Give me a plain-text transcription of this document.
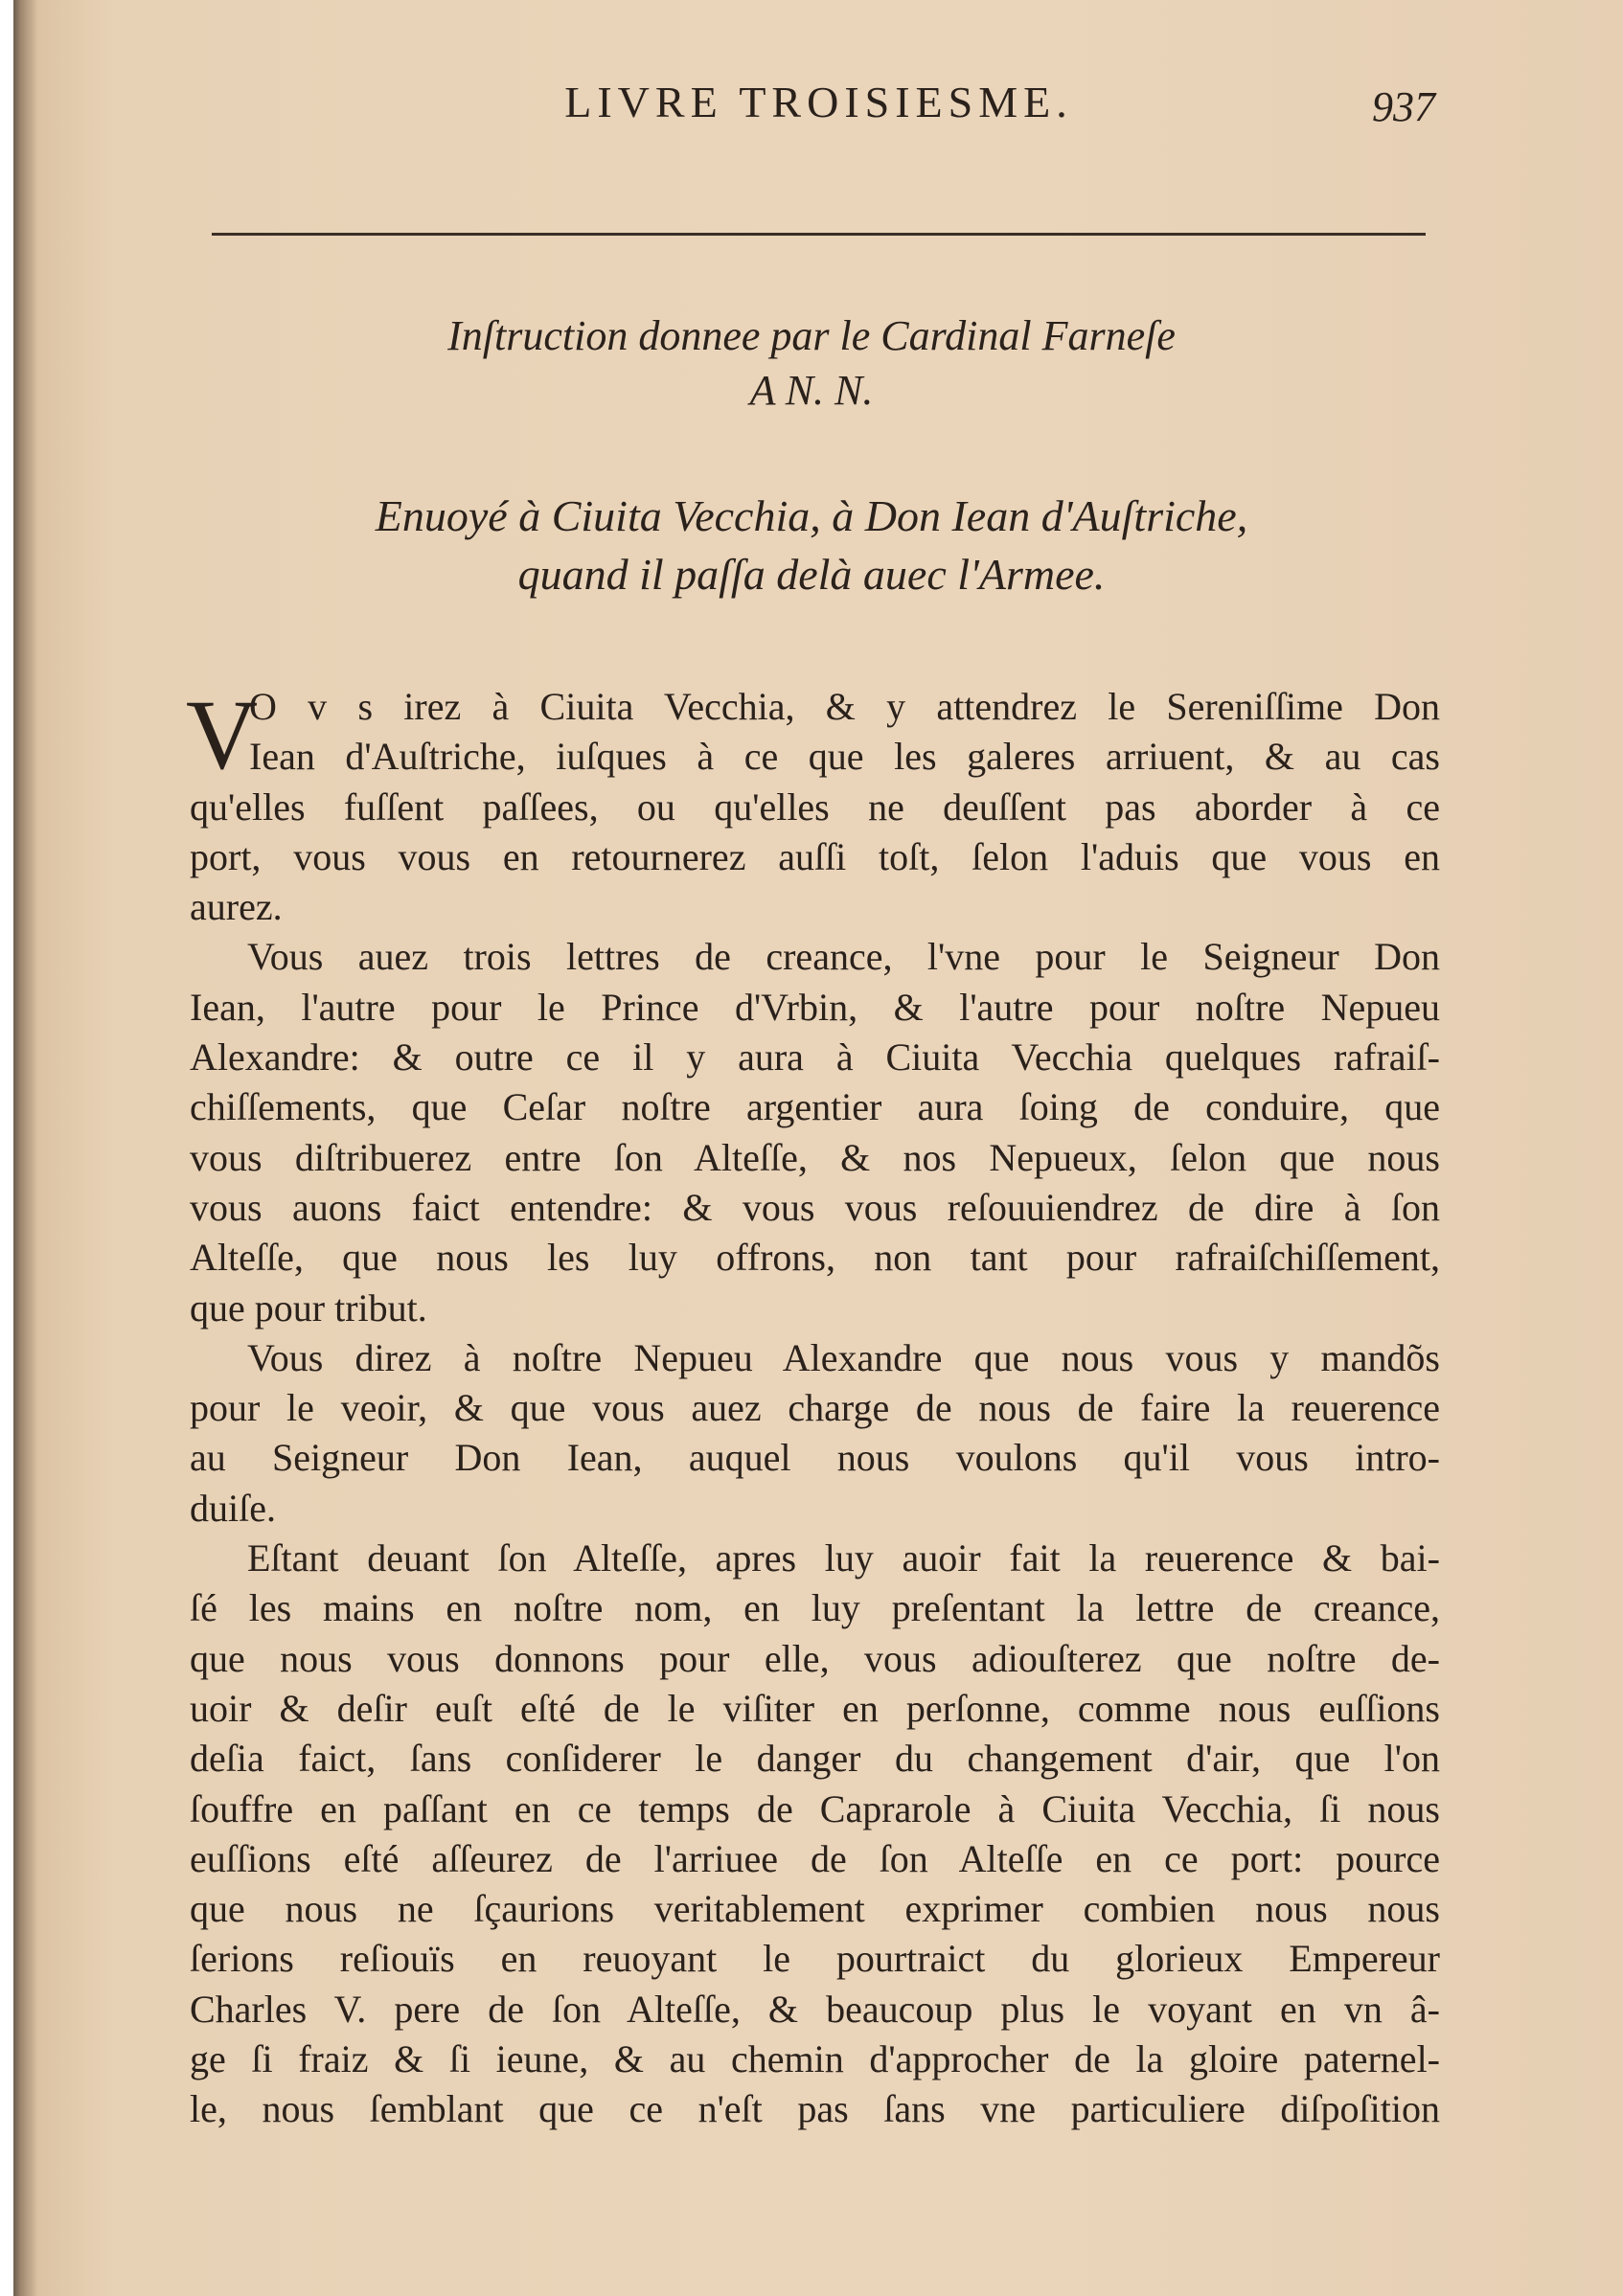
LIVRE TROISIESME.	937
Inſtruction donnee par le Cardinal Farneſe
A N. N.
Enuoyé à Ciuita Vecchia, à Don Iean d'Auſtriche,
quand il paſſa delà auec l'Armee.
V
O v s irez à Ciuita Vecchia, & y attendrez le Sereniſſime Don
Iean d'Auſtriche, iuſques à ce que les galeres arriuent, & au cas
qu'elles fuſſent paſſees, ou qu'elles ne deuſſent pas aborder à ce
port, vous vous en retournerez auſſi toſt, ſelon l'aduis que vous en
aurez.
Vous auez trois lettres de creance, l'vne pour le Seigneur Don
Iean, l'autre pour le Prince d'Vrbin, & l'autre pour noſtre Nepueu
Alexandre: & outre ce il y aura à Ciuita Vecchia quelques rafraiſ-
chiſſements, que Ceſar noſtre argentier aura ſoing de conduire, que
vous diſtribuerez entre ſon Alteſſe, & nos Nepueux, ſelon que nous
vous auons faict entendre: & vous vous reſouuiendrez de dire à ſon
Alteſſe, que nous les luy offrons, non tant pour rafraiſchiſſement,
que pour tribut.
Vous direz à noſtre Nepueu Alexandre que nous vous y mandõs
pour le veoir, & que vous auez charge de nous de faire la reuerence
au Seigneur Don Iean, auquel nous voulons qu'il vous intro-
duiſe.
Eſtant deuant ſon Alteſſe, apres luy auoir fait la reuerence & bai-
ſé les mains en noſtre nom, en luy preſentant la lettre de creance,
que nous vous donnons pour elle, vous adiouſterez que noſtre de-
uoir & deſir euſt eſté de le viſiter en perſonne, comme nous euſſions
deſia faict, ſans conſiderer le danger du changement d'air, que l'on
ſouffre en paſſant en ce temps de Caprarole à Ciuita Vecchia, ſi nous
euſſions eſté aſſeurez de l'arriuee de ſon Alteſſe en ce port: pource
que nous ne ſçaurions veritablement exprimer combien nous nous
ſerions reſiouïs en reuoyant le pourtraict du glorieux Empereur
Charles V. pere de ſon Alteſſe, & beaucoup plus le voyant en vn â-
ge ſi fraiz & ſi ieune, & au chemin d'approcher de la gloire paternel-
le, nous ſemblant que ce n'eſt pas ſans vne particuliere diſpoſition
